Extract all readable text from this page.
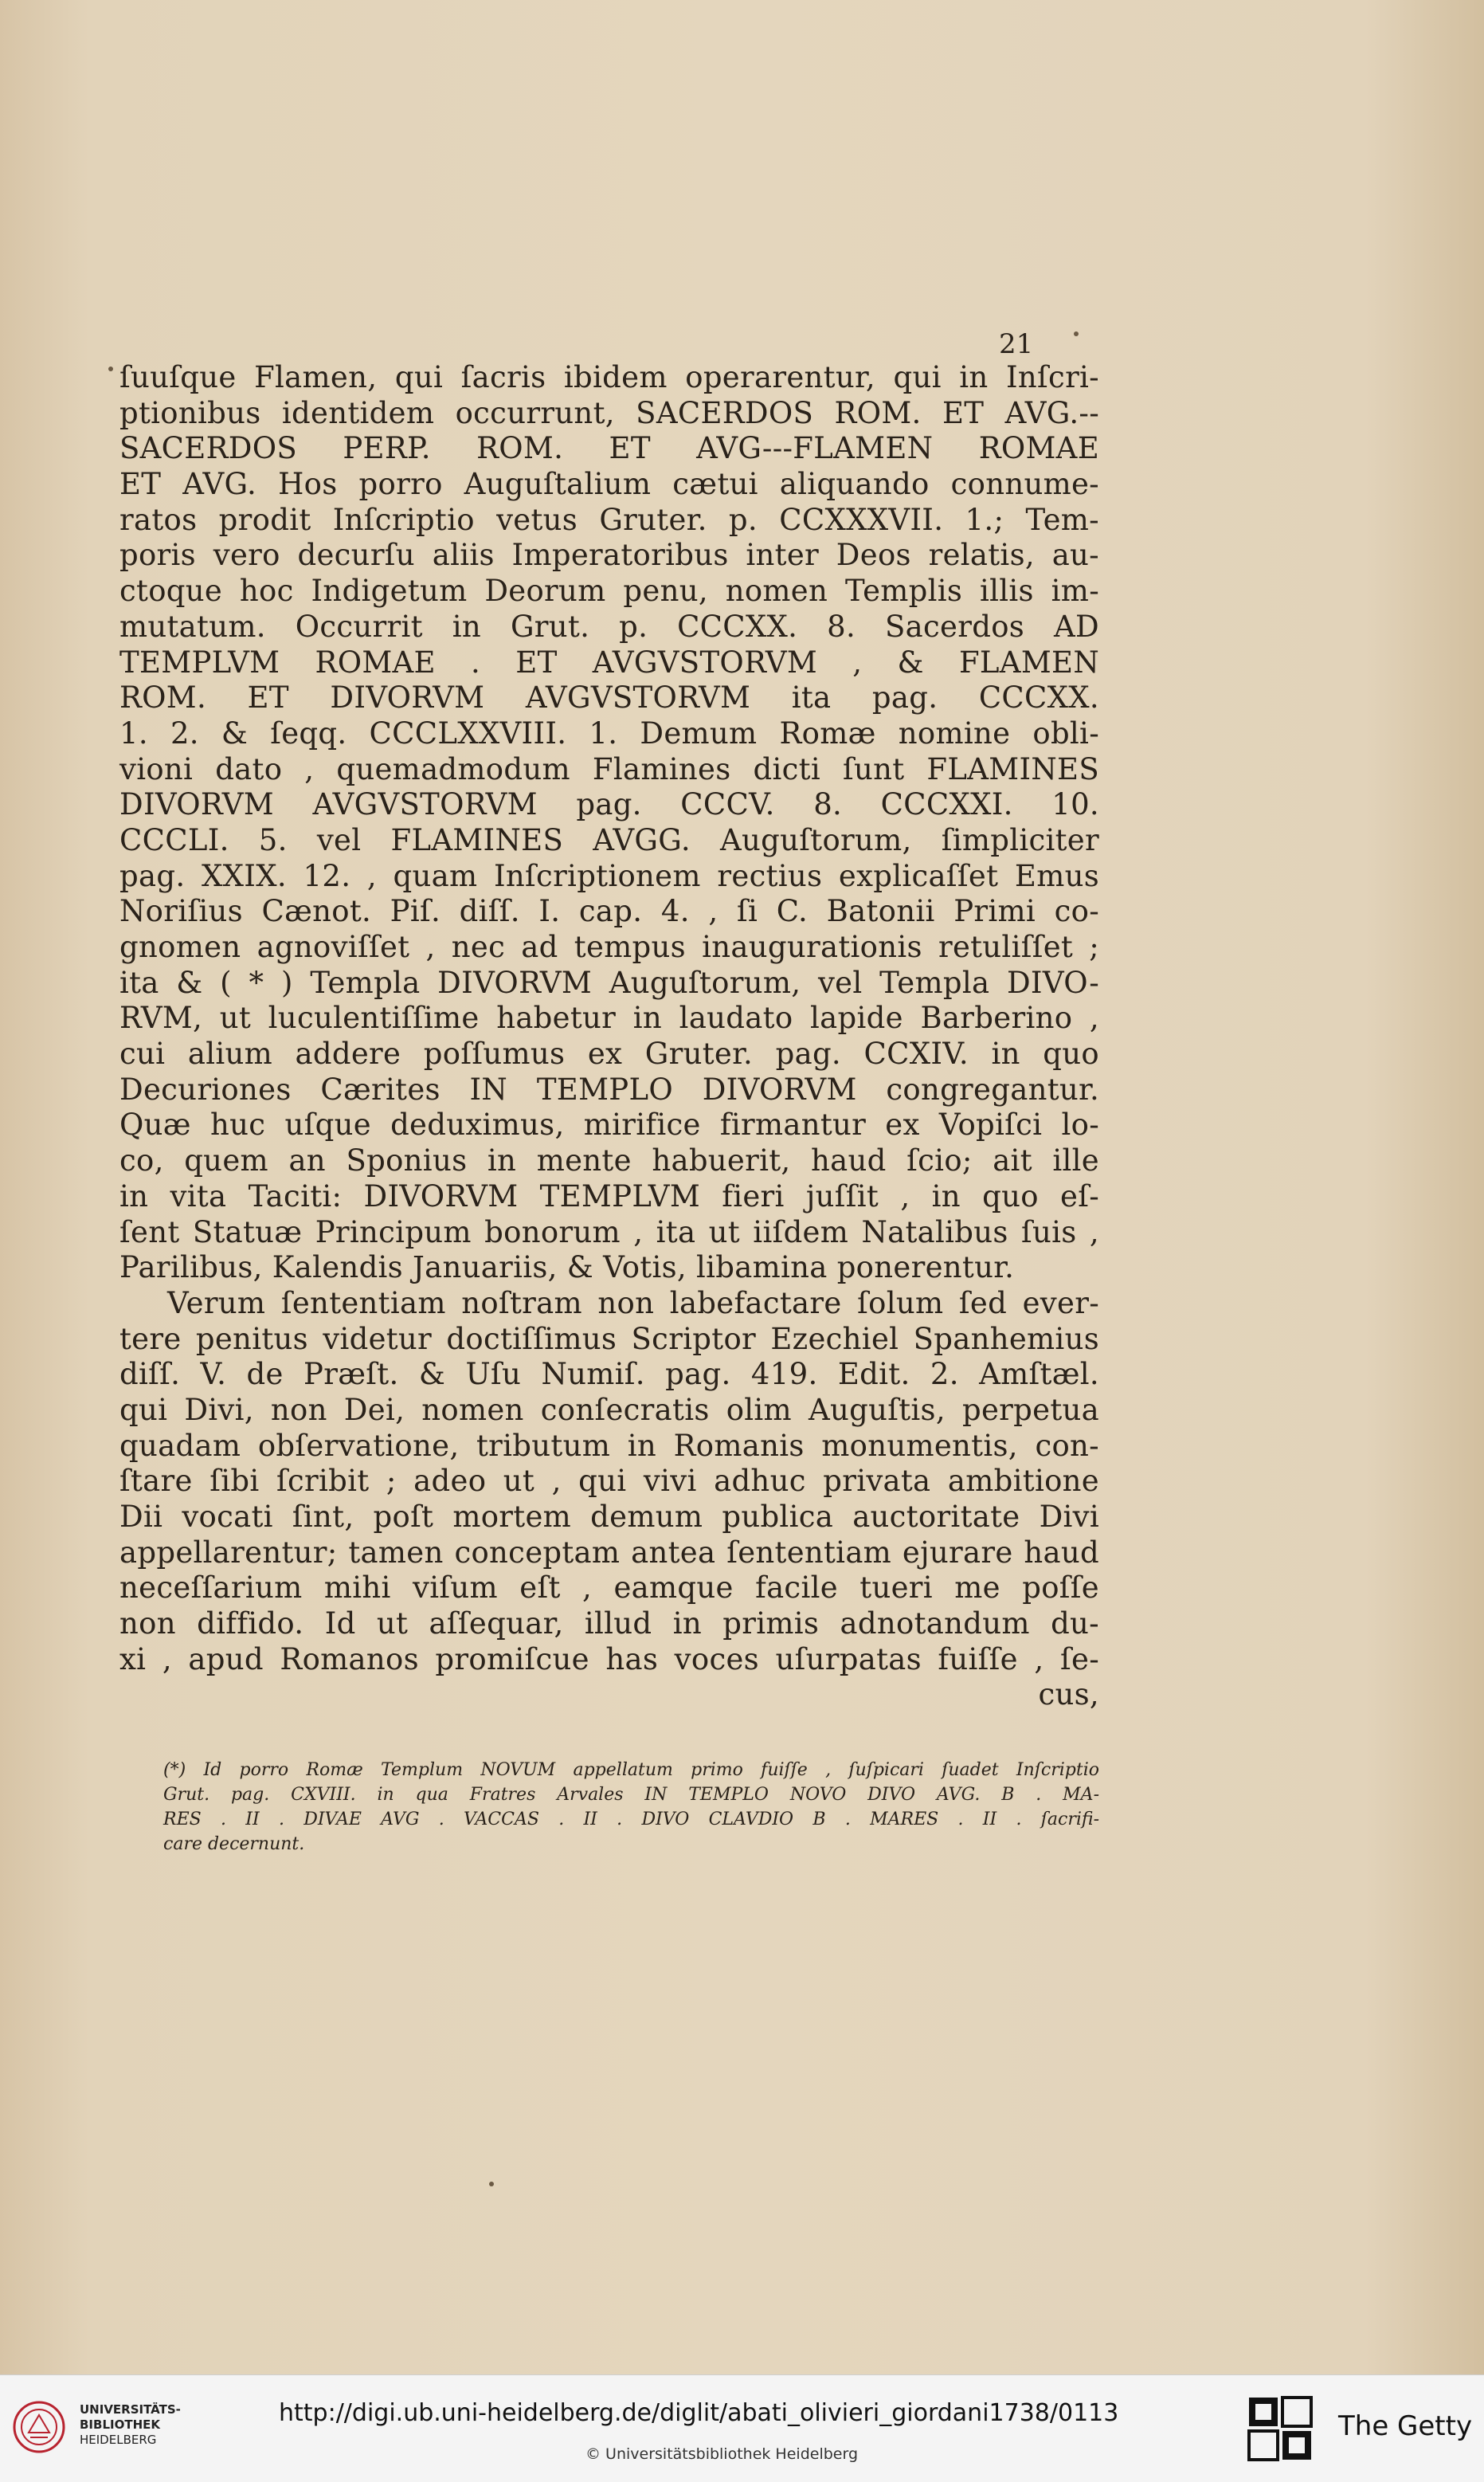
21
ſuuſque Flamen, qui ſacris ibidem operarentur, qui in Inſcri-
ptionibus identidem occurrunt, SACERDOS ROM. ET AVG.--
SACERDOS PERP. ROM. ET AVG---FLAMEN ROMAE
ET AVG. Hos porro Auguſtalium cætui aliquando connume-
ratos prodit Inſcriptio vetus Gruter. p. CCXXXVII. 1.; Tem-
poris vero decurſu aliis Imperatoribus inter Deos relatis, au-
ctoque hoc Indigetum Deorum penu, nomen Templis illis im-
mutatum. Occurrit in Grut. p. CCCXX. 8. Sacerdos AD
TEMPLVM ROMAE . ET AVGVSTORVM , & FLAMEN
ROM. ET DIVORVM AVGVSTORVM ita pag. CCCXX.
1. 2. & ſeqq. CCCLXXVIII. 1. Demum Romæ nomine obli-
vioni dato , quemadmodum Flamines dicti ſunt FLAMINES
DIVORVM AVGVSTORVM pag. CCCV. 8. CCCXXI. 10.
CCCLI. 5. vel FLAMINES AVGG. Auguſtorum, ſimpliciter
pag. XXIX. 12. , quam Inſcriptionem rectius explicaſſet Emus
Noriſius Cænot. Piſ. diſſ. I. cap. 4. , ſi C. Batonii Primi co-
gnomen agnoviſſet , nec ad tempus inaugurationis retuliſſet ;
ita & ( * ) Templa DIVORVM Auguſtorum, vel Templa DIVO-
RVM, ut luculentiſſime habetur in laudato lapide Barberino ,
cui alium addere poſſumus ex Gruter. pag. CCXIV. in quo
Decuriones Cærites IN TEMPLO DIVORVM congregantur.
Quæ huc uſque deduximus, mirifice firmantur ex Vopiſci lo-
co, quem an Sponius in mente habuerit, haud ſcio; ait ille
in vita Taciti: DIVORVM TEMPLVM fieri juſſit , in quo eſ-
ſent Statuæ Principum bonorum , ita ut iiſdem Natalibus ſuis ,
Parilibus, Kalendis Januariis, & Votis, libamina ponerentur.
Verum ſententiam noſtram non labefactare ſolum ſed ever-
tere penitus videtur doctiſſimus Scriptor Ezechiel Spanhemius
diſſ. V. de Præſt. & Uſu Numiſ. pag. 419. Edit. 2. Amſtæl.
qui Divi, non Dei, nomen conſecratis olim Auguſtis, perpetua
quadam obſervatione, tributum in Romanis monumentis, con-
ſtare ſibi ſcribit ; adeo ut , qui vivi adhuc privata ambitione
Dii vocati ſint, poſt mortem demum publica auctoritate Divi
appellarentur; tamen conceptam antea ſententiam ejurare haud
neceſſarium mihi viſum eſt , eamque facile tueri me poſſe
non diffido. Id ut aſſequar, illud in primis adnotandum du-
xi , apud Romanos promiſcue has voces uſurpatas fuiſſe , ſe-
cus,
(*) Id porro Romæ Templum NOVUM appellatum primo fuiſſe , ſuſpicari ſuadet Inſcriptio
Grut. pag. CXVIII. in qua Fratres Arvales IN TEMPLO NOVO DIVO AVG. B . MA-
RES . II . DIVAE AVG . VACCAS . II . DIVO CLAVDIO B . MARES . II . ſacrifi-
care decernunt.
UNIVERSITÄTS-
BIBLIOTHEK
HEIDELBERG
http://digi.ub.uni-heidelberg.de/diglit/abati_olivieri_giordani1738/0113
© Universitätsbibliothek Heidelberg
The Getty
